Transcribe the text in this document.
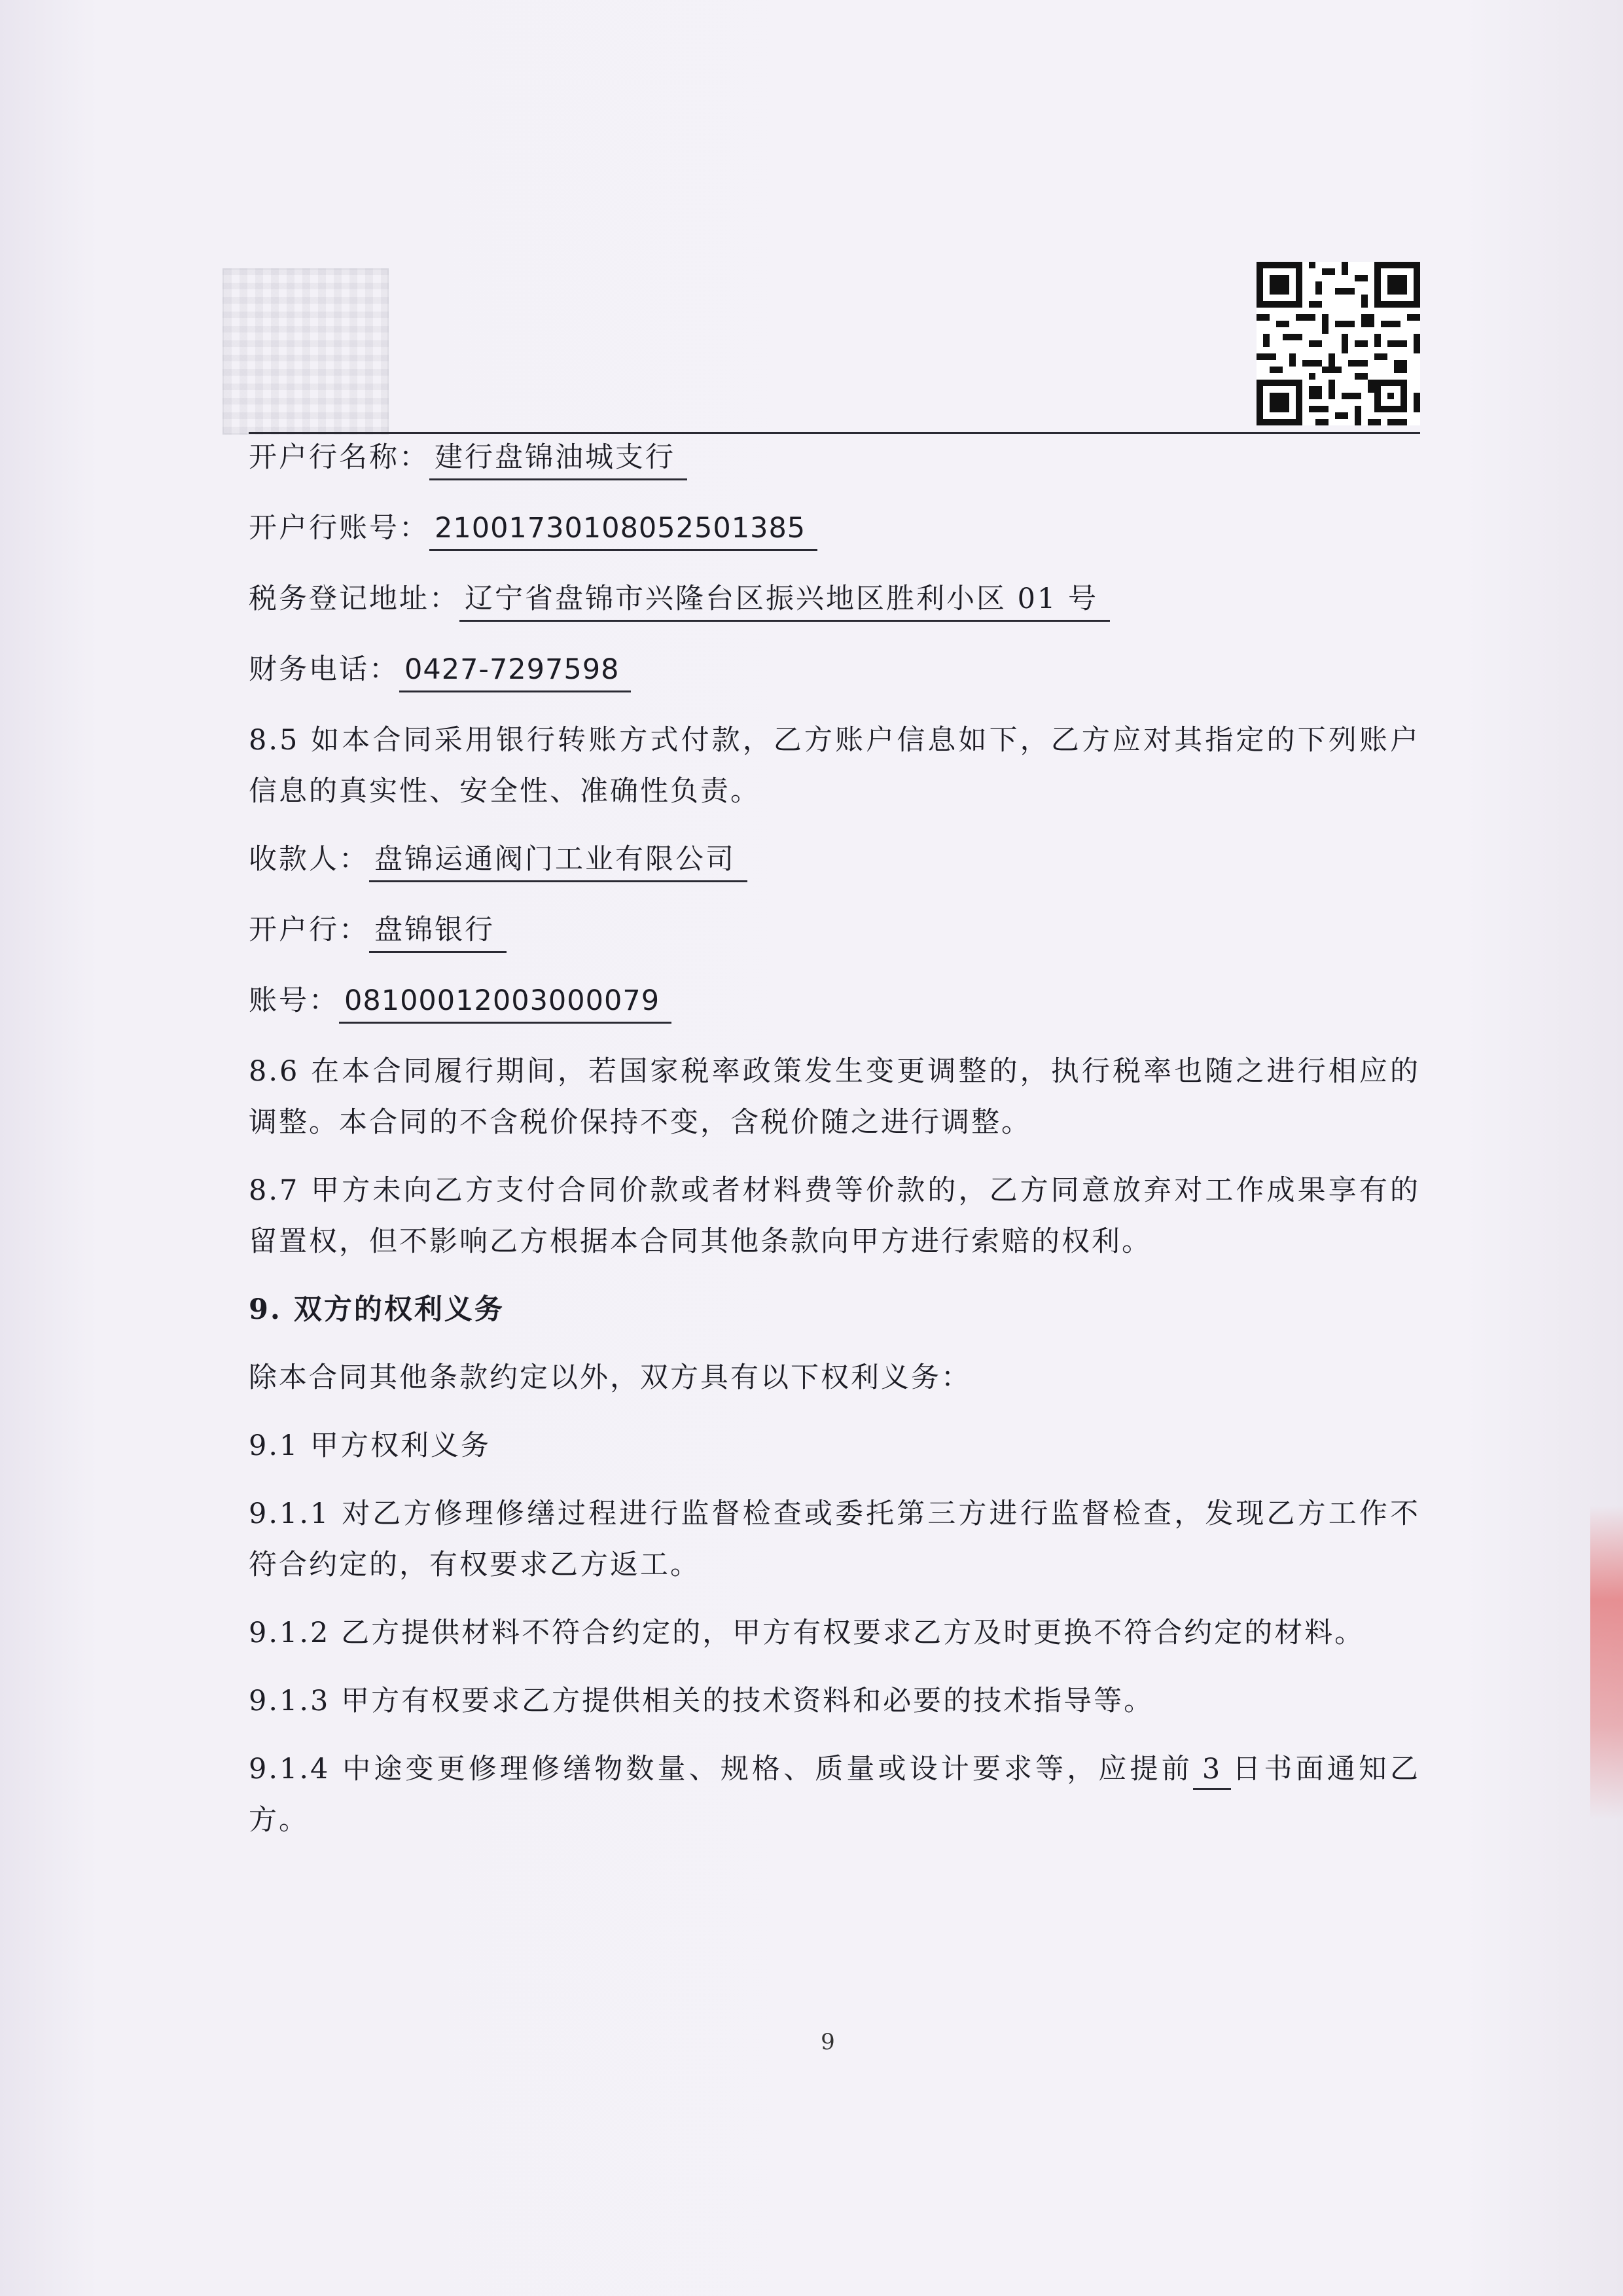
开户行名称： 建行盘锦油城支行
开户行账号： 21001730108052501385
税务登记地址： 辽宁省盘锦市兴隆台区振兴地区胜利小区 01 号
财务电话： 0427-7297598

8.5 如本合同采用银行转账方式付款，乙方账户信息如下，乙方应对其指定的下列账户信息的真实性、安全性、准确性负责。

收款人： 盘锦运通阀门工业有限公司
开户行： 盘锦银行
账号： 08100012003000079

8.6 在本合同履行期间，若国家税率政策发生变更调整的，执行税率也随之进行相应的调整。本合同的不含税价保持不变，含税价随之进行调整。

8.7 甲方未向乙方支付合同价款或者材料费等价款的，乙方同意放弃对工作成果享有的留置权，但不影响乙方根据本合同其他条款向甲方进行索赔的权利。

9. 双方的权利义务

除本合同其他条款约定以外，双方具有以下权利义务：

9.1 甲方权利义务

9.1.1 对乙方修理修缮过程进行监督检查或委托第三方进行监督检查，发现乙方工作不符合约定的，有权要求乙方返工。

9.1.2 乙方提供材料不符合约定的，甲方有权要求乙方及时更换不符合约定的材料。

9.1.3 甲方有权要求乙方提供相关的技术资料和必要的技术指导等。

9.1.4 中途变更修理修缮物数量、规格、质量或设计要求等，应提前 3 日书面通知乙方。

9
